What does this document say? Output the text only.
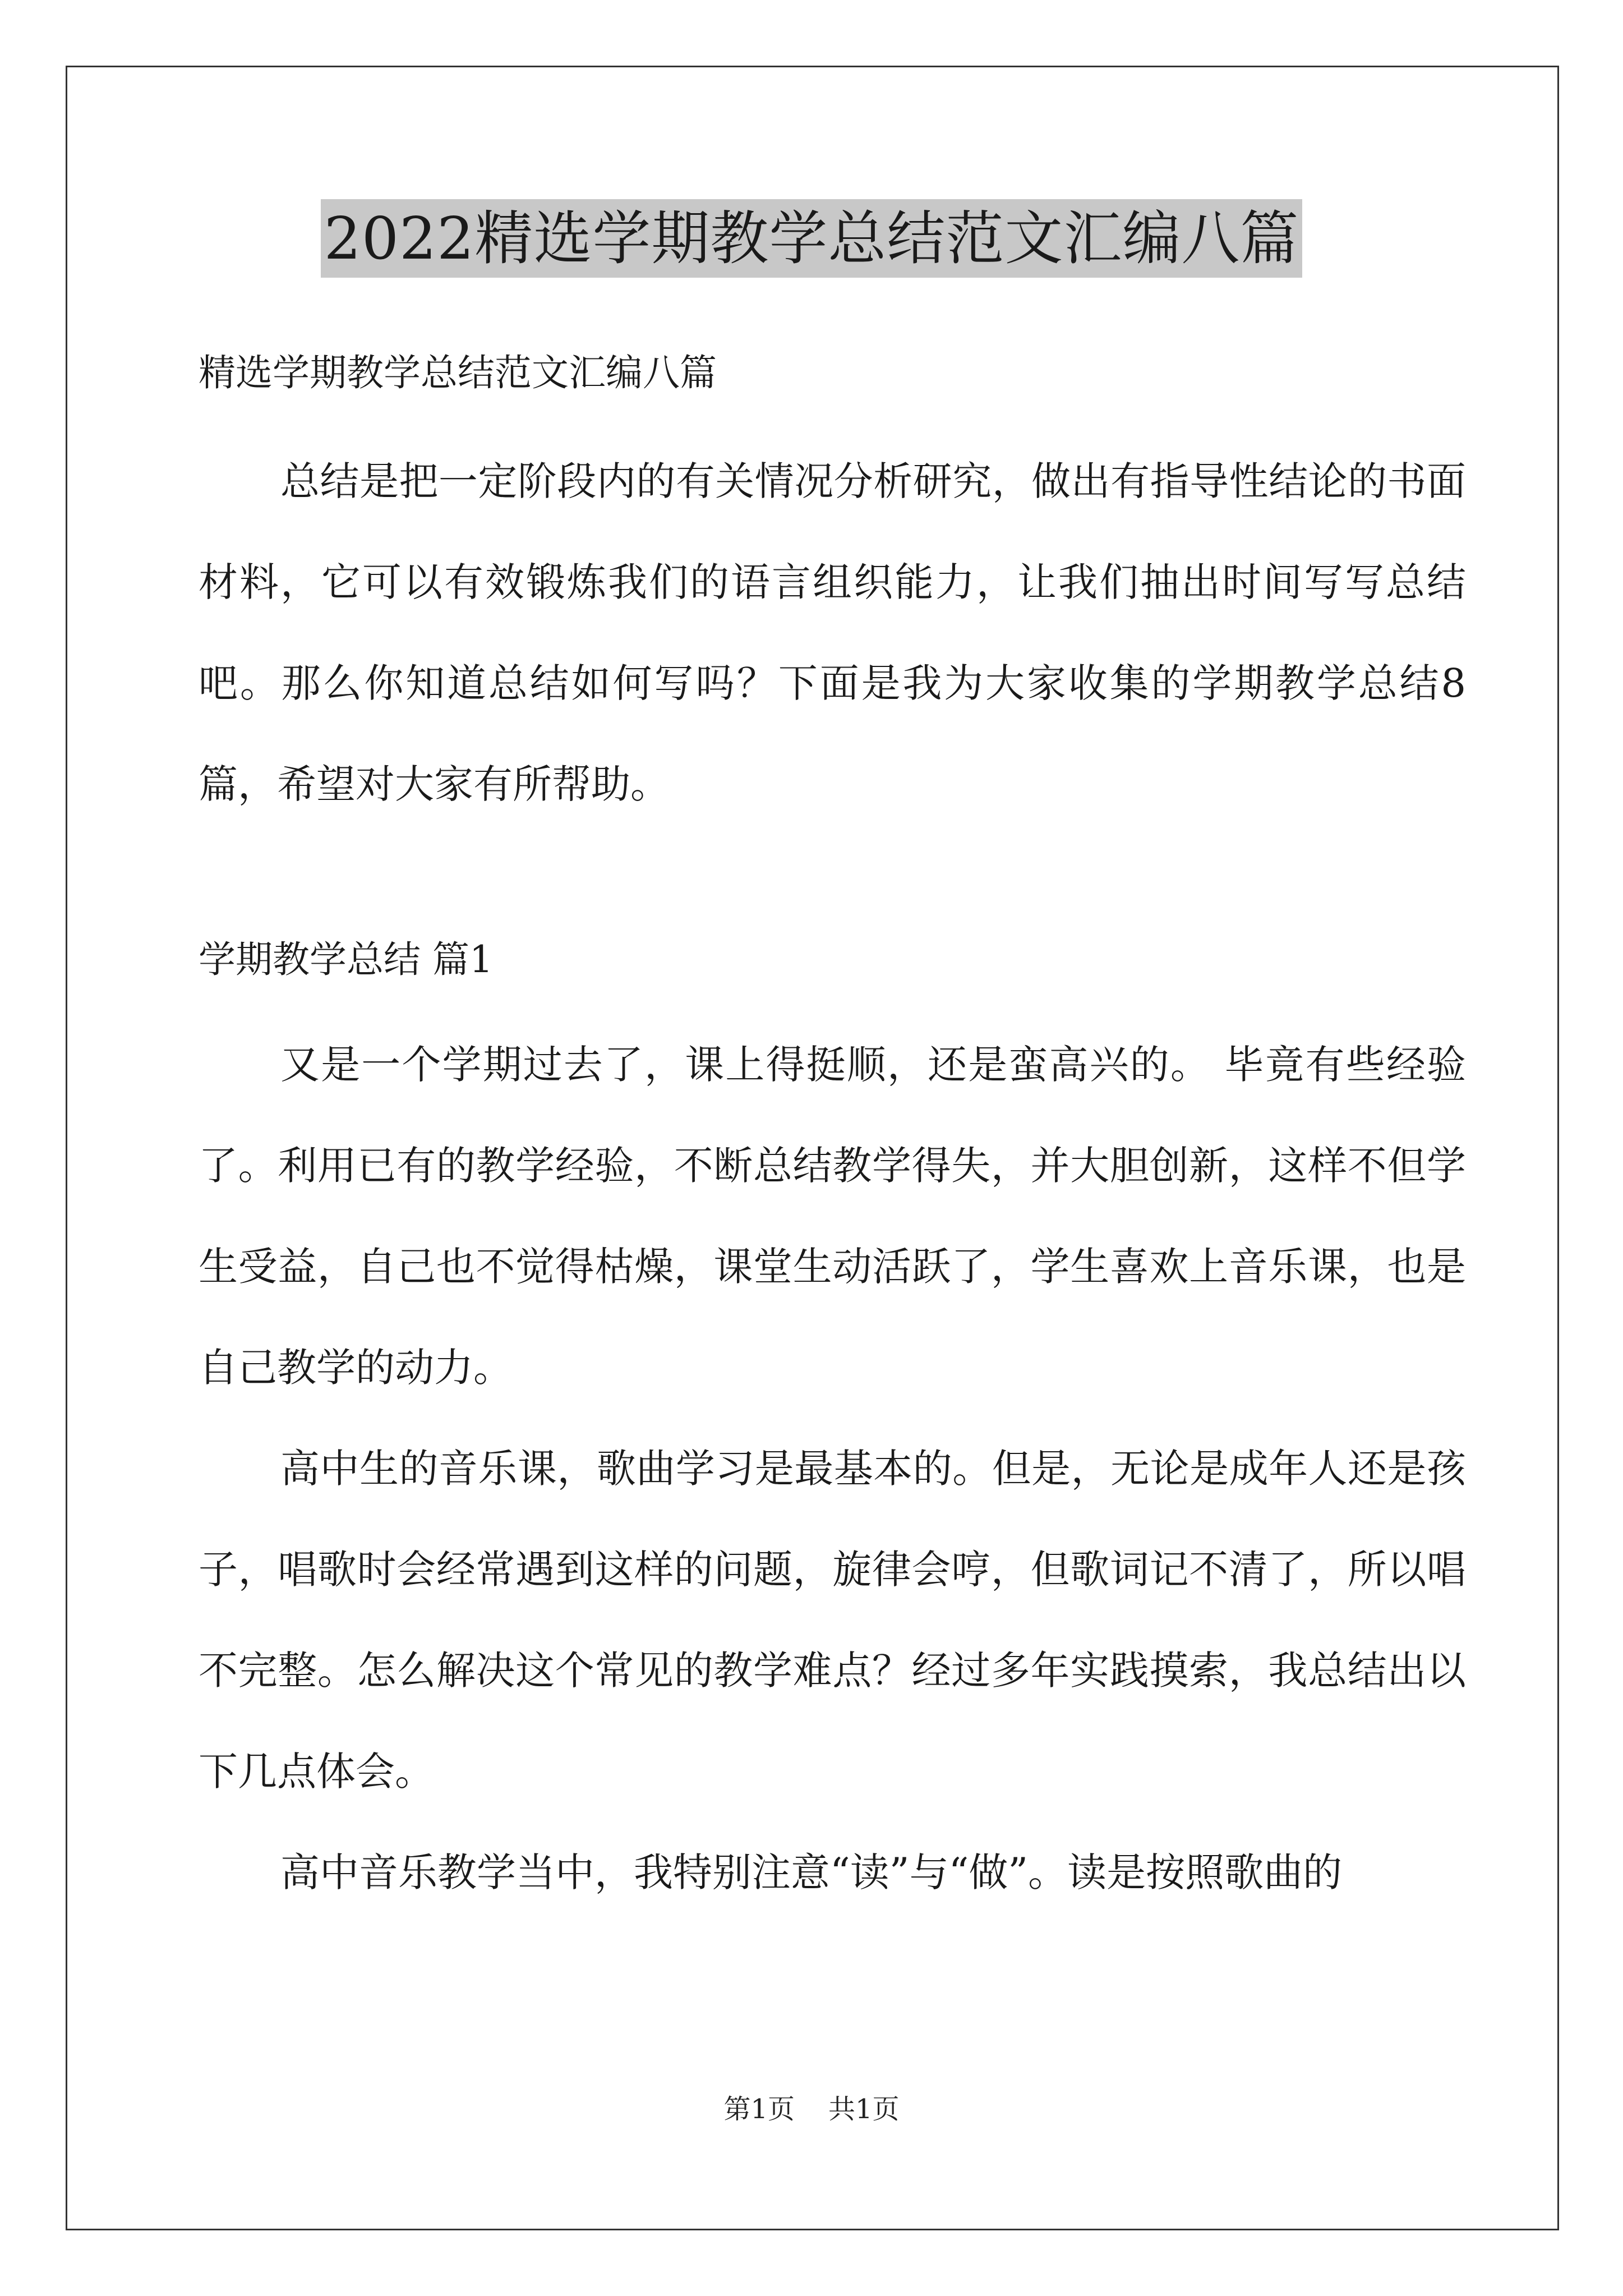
2022精选学期教学总结范文汇编八篇
精选学期教学总结范文汇编八篇

总结是把一定阶段内的有关情况分析研究，做出有指导性结论的书面材料，它可以有效锻炼我们的语言组织能力，让我们抽出时间写写总结吧。那么你知道总结如何写吗？下面是我为大家收集的学期教学总结8篇，希望对大家有所帮助。

学期教学总结 篇1

又是一个学期过去了，课上得挺顺，还是蛮高兴的。 毕竟有些经验了。利用已有的教学经验，不断总结教学得失，并大胆创新，这样不但学生受益，自己也不觉得枯燥，课堂生动活跃了，学生喜欢上音乐课，也是自己教学的动力。

高中生的音乐课，歌曲学习是最基本的。但是，无论是成年人还是孩子，唱歌时会经常遇到这样的问题，旋律会哼，但歌词记不清了，所以唱不完整。怎么解决这个常见的教学难点？经过多年实践摸索，我总结出以下几点体会。

高中音乐教学当中，我特别注意“读”与“做”。读是按照歌曲的

第1页 共1页
